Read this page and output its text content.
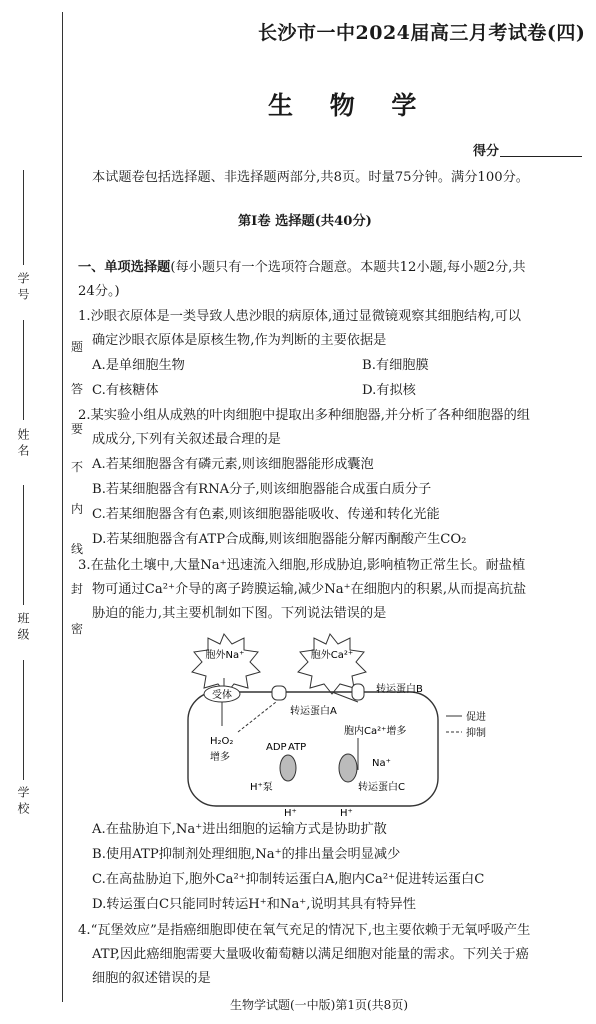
题
答
要
不
内
线
封
密
学 号
姓 名
班 级
学 校
长沙市一中2024届高三月考试卷(四)
生 物 学
得分
本试题卷包括选择题、非选择题两部分,共8页。时量75分钟。满分100分。
第Ⅰ卷 选择题(共40分)
一、单项选择题(每小题只有一个选项符合题意。本题共12小题,每小题2分,共
24分。)
1.沙眼衣原体是一类导致人患沙眼的病原体,通过显微镜观察其细胞结构,可以
确定沙眼衣原体是原核生物,作为判断的主要依据是
A.是单细胞生物	B.有细胞膜
C.有核糖体	D.有拟核
2.某实验小组从成熟的叶肉细胞中提取出多种细胞器,并分析了各种细胞器的组
成成分,下列有关叙述最合理的是
A.若某细胞器含有磷元素,则该细胞器能形成囊泡
B.若某细胞器含有RNA分子,则该细胞器能合成蛋白质分子
C.若某细胞器含有色素,则该细胞器能吸收、传递和转化光能
D.若某细胞器含有ATP合成酶,则该细胞器能分解丙酮酸产生CO₂
3.在盐化土壤中,大量Na⁺迅速流入细胞,形成胁迫,影响植物正常生长。耐盐植
物可通过Ca²⁺介导的离子跨膜运输,减少Na⁺在细胞内的积累,从而提高抗盐
胁迫的能力,其主要机制如下图。下列说法错误的是
胞外Na⁺	胞外Ca²⁺
受体
转运蛋白A
转运蛋白B
H₂O₂
增多
胞内Ca²⁺增多
Na⁺
ADP ATP
H⁺泵
H⁺	H⁺
转运蛋白C
促进
抑制
A.在盐胁迫下,Na⁺进出细胞的运输方式是协助扩散
B.使用ATP抑制剂处理细胞,Na⁺的排出量会明显减少
C.在高盐胁迫下,胞外Ca²⁺抑制转运蛋白A,胞内Ca²⁺促进转运蛋白C
D.转运蛋白C只能同时转运H⁺和Na⁺,说明其具有特异性
4.“瓦堡效应”是指癌细胞即使在氧气充足的情况下,也主要依赖于无氧呼吸产生
ATP,因此癌细胞需要大量吸收葡萄糖以满足细胞对能量的需求。下列关于癌
细胞的叙述错误的是
生物学试题(一中版)第1页(共8页)
